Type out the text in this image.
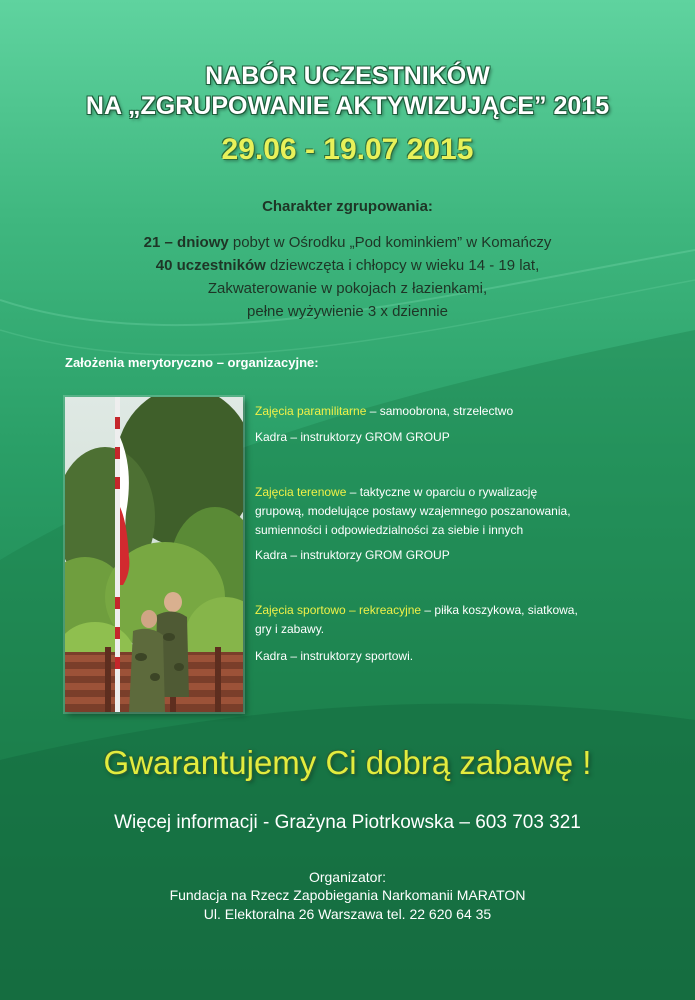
NABÓR UCZESTNIKÓW
NA „ZGRUPOWANIE AKTYWIZUJĄCE” 2015
29.06 - 19.07 2015
Charakter zgrupowania:
21 – dniowy pobyt w Ośrodku „Pod kominkiem” w Komańczy
40 uczestników dziewczęta i chłopcy w wieku 14 - 19 lat,
Zakwaterowanie w pokojach z łazienkami,
pełne wyżywienie 3 x dziennie
Założenia merytoryczno – organizacyjne:
Zajęcia paramilitarne – samoobrona, strzelectwo
Kadra – instruktorzy GROM GROUP
Zajęcia terenowe – taktyczne w oparciu o rywalizację
grupową, modelujące postawy wzajemnego poszanowania,
sumienności i odpowiedzialności za siebie i innych
Kadra – instruktorzy GROM GROUP
Zajęcia sportowo – rekreacyjne – piłka koszykowa, siatkowa,
gry i zabawy.
Kadra – instruktorzy sportowi.
Gwarantujemy Ci dobrą zabawę !
Więcej informacji - Grażyna Piotrkowska – 603 703 321
Organizator:
Fundacja na Rzecz Zapobiegania Narkomanii MARATON
Ul. Elektoralna 26 Warszawa tel. 22 620 64 35
